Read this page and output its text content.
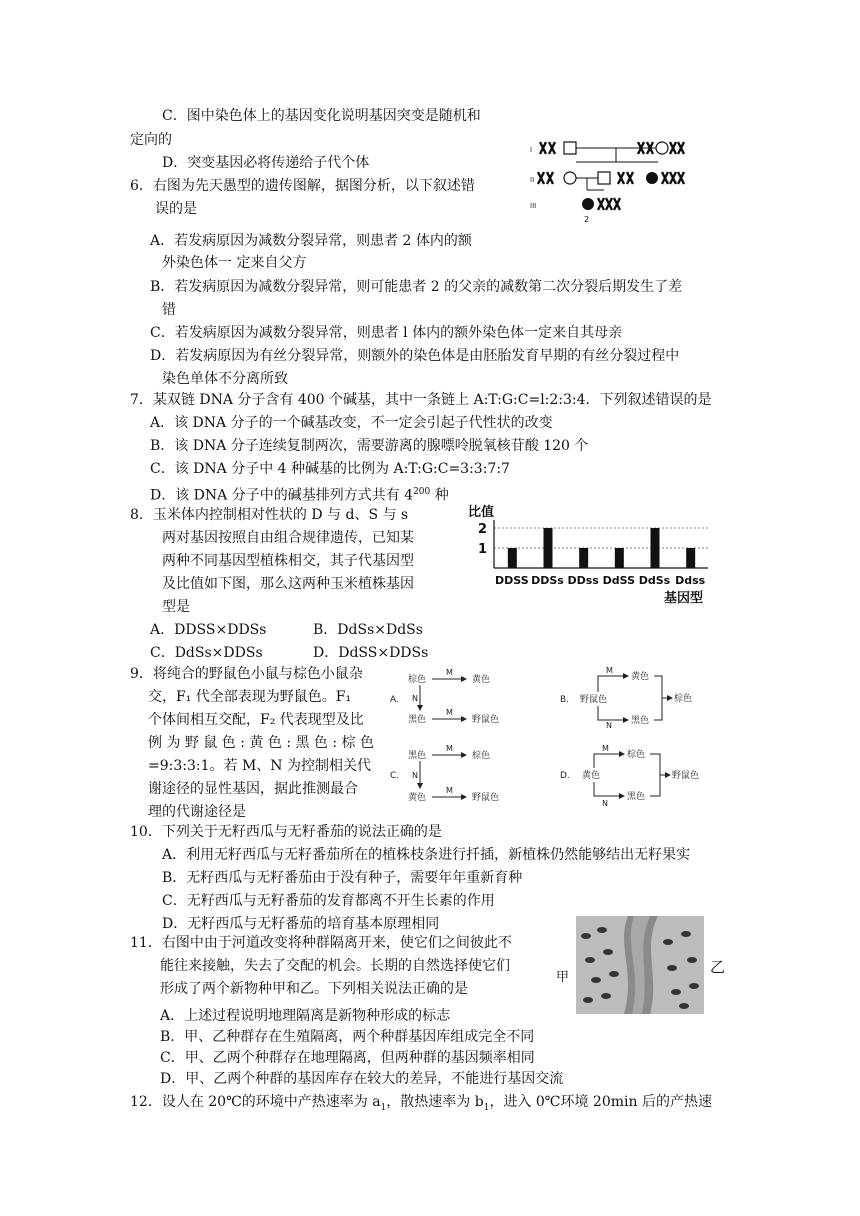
C．图中染色体上的基因变化说明基因突变是随机和
定向的
D．突变基因必将传递给子代个体
I
II
III
2
6．右图为先天愚型的遗传图解，据图分析，以下叙述错
误的是
A．若发病原因为减数分裂异常，则患者 2 体内的额
外染色体一 定来自父方
B．若发病原因为减数分裂异常，则可能患者 2 的父亲的减数第二次分裂后期发生了差
错
C．若发病原因为减数分裂异常，则患者 l 体内的额外染色体一定来自其母亲
D．若发病原因为有丝分裂异常，则额外的染色体是由胚胎发育早期的有丝分裂过程中
染色单体不分离所致
7．某双链 DNA 分子含有 400 个碱基，其中一条链上 A:T:G:C=l:2:3:4．下列叙述错误的是
A．该 DNA 分子的一个碱基改变，不一定会引起子代性状的改变
B．该 DNA 分子连续复制两次，需要游离的腺嘌呤脱氧核苷酸 120 个
C．该 DNA 分子中 4 种碱基的比例为 A:T:G:C=3:3:7:7
D．该 DNA 分子中的碱基排列方式共有 $4^{200}$ 种
8．玉米体内控制相对性状的 D 与 d、S 与 s
两对基因按照自由组合规律遗传，已知某
两种不同基因型植株相交，其子代基因型
及比值如下图，那么这两种玉米植株基因
型是
A．DDSS×DDSs	B．DdSs×DdSs
C．DdSs×DDSs	D．DdSS×DDSs
比值
1
2
DDSS DDSs DDss DdSS DdSs Ddss
基因型
9．将纯合的野鼠色小鼠与棕色小鼠杂
交，F₁ 代全部表现为野鼠色。F₁
个体间相互交配，F₂ 代表现型及比
例 为 野 鼠 色 : 黄 色 : 黑 色 : 棕 色
=9:3:3:1。若 M、N 为控制相关代
谢途径的显性基因，据此推测最合
理的代谢途径是
A.
棕色
M
黄色
N
黑色
M
野鼠色
B. 野鼠色
M
N
黄色
黑色
棕色
C.
黑色
M
棕色
N
黄色
M
野鼠色
D. 黄色
M
N
棕色
黑色
野鼠色
10．下列关于无籽西瓜与无籽番茄的说法正确的是
A．利用无籽西瓜与无籽番茄所在的植株枝条进行扦插，新植株仍然能够结出无籽果实
B．无籽西瓜与无籽番茄由于没有种子，需要年年重新育种
C．无籽西瓜与无籽番茄的发育都离不开生长素的作用
D．无籽西瓜与无籽番茄的培育基本原理相同
11．右图中由于河道改变将种群隔离开来，使它们之间彼此不
能往来接触，失去了交配的机会。长期的自然选择使它们
形成了两个新物种甲和乙。下列相关说法正确的是
甲
乙
A．上述过程说明地理隔离是新物种形成的标志
B．甲、乙种群存在生殖隔离，两个种群基因库组成完全不同
C．甲、乙两个种群存在地理隔离，但两种群的基因频率相同
D．甲、乙两个种群的基因库存在较大的差异，不能进行基因交流
12．设人在 20℃的环境中产热速率为 $a_1$，散热速率为 $b_1$，进入 0℃环境 20min 后的产热速
